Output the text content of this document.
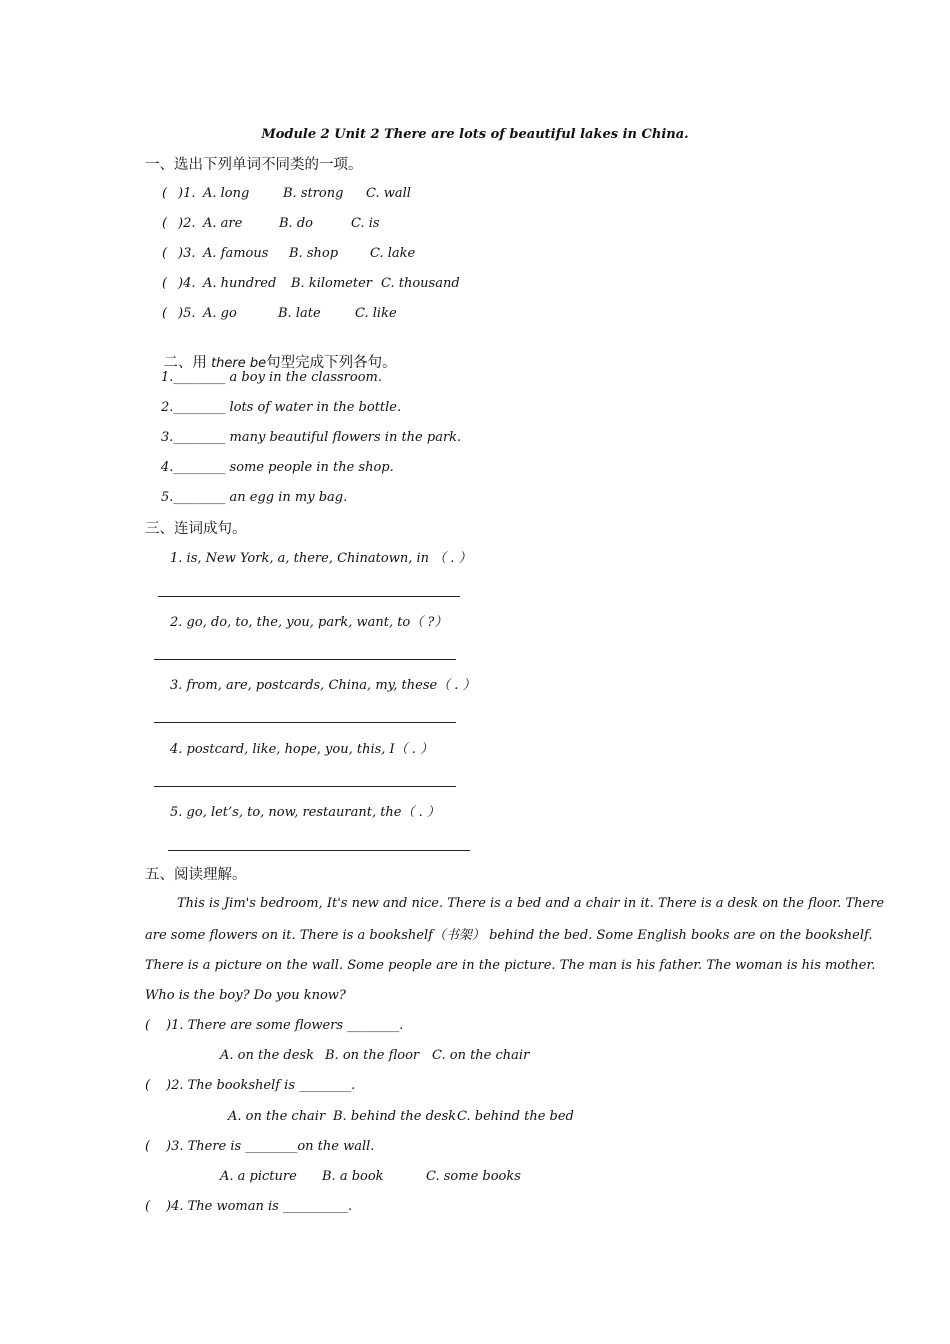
Module 2 Unit 2 There are lots of beautiful lakes in China.
一、选出下列单词不同类的一项。

(

)1.

A. long

	B. strong

C. wall

(

)2.

A. are

	B. do

	C. is

(

)3.

A. famous

B. shop

C. lake

(

)4.

A. hundred

B. kilometer

C. thousand

(

)5.

A. go

	B. late

	C. like

二、用 there be句型完成下列各句。

1.________ a boy in the classroom.
2.________ lots of water in the bottle.
3.________ many beautiful flowers in the park.
4.________ some people in the shop.
5.________ an egg in my bag.
三、连词成句。
1. is, New York, a, there, Chinatown, in （ . ）
2. go, do, to, the, you, park, want, to（ ?）
3. from, are, postcards, China, my, these（ . ）
4. postcard, like, hope, you, this, I（ . ）
5. go, let’s, to, now, restaurant, the（ . ）
五、阅读理解。
This is Jim's bedroom, It's new and nice. There is a bed and a chair in it. There is a desk on the floor. There
are some flowers on it. There is a bookshelf（书架） behind the bed. Some English books are on the bookshelf.
There is a picture on the wall. Some people are in the picture. The man is his father. The woman is his mother.
Who is the boy? Do you know?

(

)1. There are some flowers ________.

A. on the desk

B. on the floor

C. on the chair

(

)2. The bookshelf is ________.

A. on the chair

B. behind the desk

C. behind the bed

(

)3. There is ________on the wall.

A. a picture

B. a book

	C. some books

(

)4. The woman is __________.
